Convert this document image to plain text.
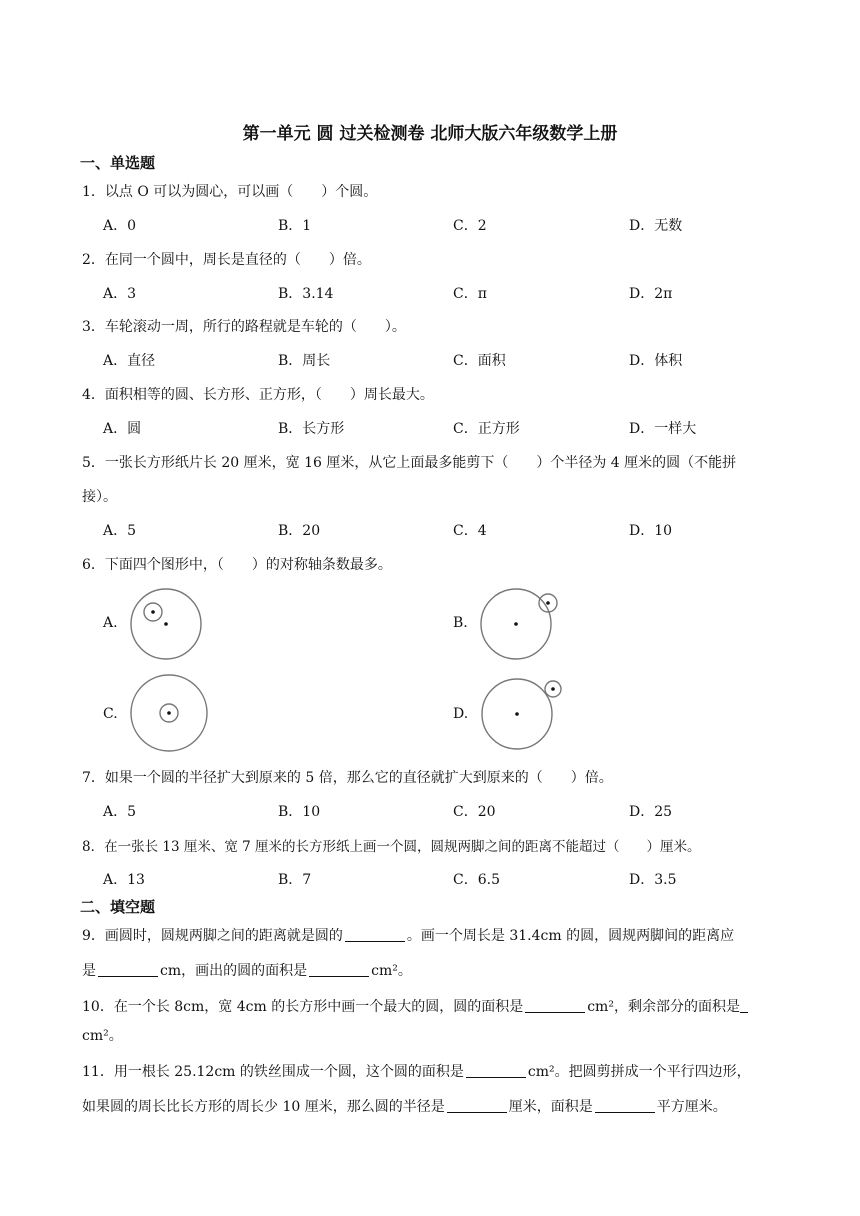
第一单元 圆 过关检测卷 北师大版六年级数学上册
一、单选题
1．以点 O 可以为圆心，可以画（　　）个圆。
A．0	B．1	C．2	D．无数
2．在同一个圆中，周长是直径的（　　）倍。
A．3	B．3.14	C．π	D．2π
3．车轮滚动一周，所行的路程就是车轮的（　　）。
A．直径	B．周长	C．面积	D．体积
4．面积相等的圆、长方形、正方形，（　　）周长最大。
A．圆	B．长方形	C．正方形	D．一样大
5．一张长方形纸片长 20 厘米，宽 16 厘米，从它上面最多能剪下（　　）个半径为 4 厘米的圆（不能拼
接）。
A．5	B．20	C．4	D．10
6．下面四个图形中，（　　）的对称轴条数最多。
A.	B.
C.	D.
7．如果一个圆的半径扩大到原来的 5 倍，那么它的直径就扩大到原来的（　　）倍。
A．5	B．10	C．20	D．25
8．在一张长 13 厘米、宽 7 厘米的长方形纸上画一个圆，圆规两脚之间的距离不能超过（　　）厘米。
A．13	B．7	C．6.5	D．3.5
二、填空题
9．画圆时，圆规两脚之间的距离就是圆的	。画一个周长是 31.4cm 的圆，圆规两脚间的距离应
是	cm，画出的圆的面积是	cm²。
10．在一个长 8cm，宽 4cm 的长方形中画一个最大的圆，圆的面积是	cm²，剩余部分的面积是
cm²。
11．用一根长 25.12cm 的铁丝围成一个圆，这个圆的面积是	cm²。把圆剪拼成一个平行四边形，
如果圆的周长比长方形的周长少 10 厘米，那么圆的半径是	厘米，面积是	平方厘米。
